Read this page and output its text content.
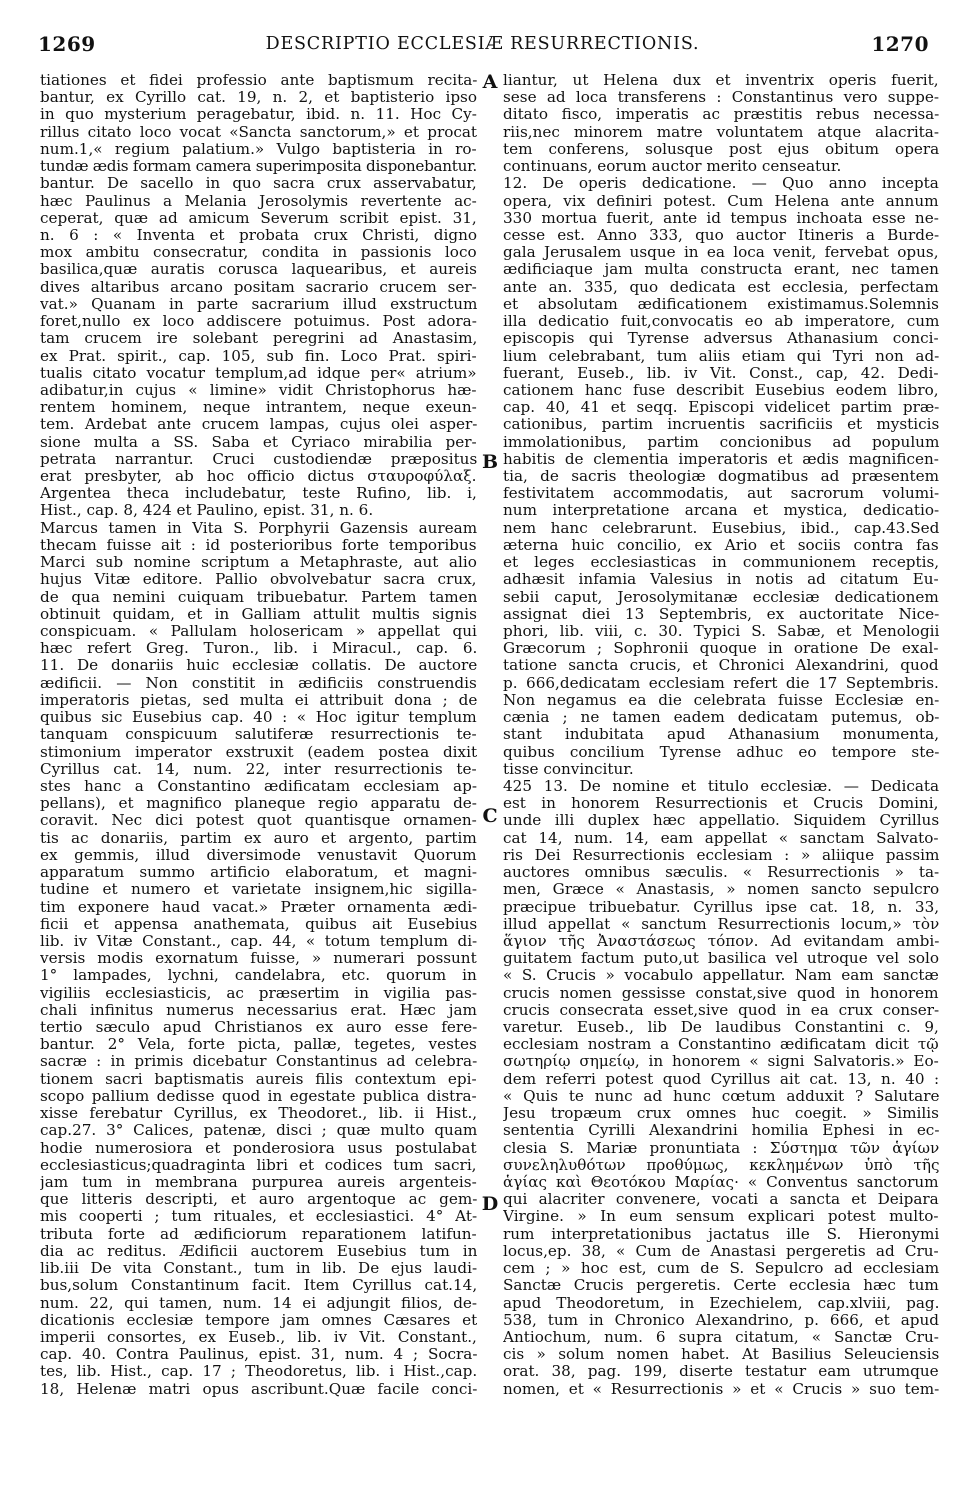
1269	DESCRIPTIO ECCLESIÆ RESURRECTIONIS.	1270
tiationes et fidei professio ante baptismum recita-
bantur, ex Cyrillo cat. 19, n. 2, et baptisterio ipso
in quo mysterium peragebatur, ibid. n. 11. Hoc Cy-
rillus citato loco vocat «Sancta sanctorum,» et procat
num.1,« regium palatium.» Vulgo baptisteria in ro-
tundæ ædis formam camera superimposita disponebantur.
bantur. De sacello in quo sacra crux asservabatur,
hæc Paulinus a Melania Jerosolymis revertente ac-
ceperat, quæ ad amicum Severum scribit epist. 31,
n. 6 : « Inventa et probata crux Christi, digno
mox ambitu consecratur, condita in passionis loco
basilica,quæ auratis corusca laquearibus, et aureis
dives altaribus arcano positam sacrario crucem ser-
vat.» Quanam in parte sacrarium illud exstructum
foret,nullo ex loco addiscere potuimus. Post adora-
tam crucem ire solebant peregrini ad Anastasim,
ex Prat. spirit., cap. 105, sub fin. Loco Prat. spiri-
tualis citato vocatur templum,ad idque per« atrium»
adibatur,in cujus « limine» vidit Christophorus hæ-
rentem hominem, neque intrantem, neque exeun-
tem. Ardebat ante crucem lampas, cujus olei asper-
sione multa a SS. Saba et Cyriaco mirabilia per-
petrata narrantur. Cruci custodiendæ præpositus
erat presbyter, ab hoc officio dictus σταυροφύλαξ.
Argentea theca includebatur, teste Rufino, lib. i,
Hist., cap. 8, 424 et Paulino, epist. 31, n. 6.
Marcus tamen in Vita S. Porphyrii Gazensis auream
thecam fuisse ait : id posterioribus forte temporibus
Marci sub nomine scriptum a Metaphraste, aut alio
hujus Vitæ editore. Pallio obvolvebatur sacra crux,
de qua nemini cuiquam tribuebatur. Partem tamen
obtinuit quidam, et in Galliam attulit multis signis
conspicuam. « Pallulam holosericam » appellat qui
hæc refert Greg. Turon., lib. i Miracul., cap. 6.
11. De donariis huic ecclesiæ collatis. De auctore
ædificii. — Non constitit in ædificiis construendis
imperatoris pietas, sed multa ei attribuit dona ; de
quibus sic Eusebius cap. 40 : « Hoc igitur templum
tanquam conspicuum salutiferæ resurrectionis te-
stimonium imperator exstruxit (eadem postea dixit
Cyrillus cat. 14, num. 22, inter resurrectionis te-
stes hanc a Constantino ædificatam ecclesiam ap-
pellans), et magnifico planeque regio apparatu de-
coravit. Nec dici potest quot quantisque ornamen-
tis ac donariis, partim ex auro et argento, partim
ex gemmis, illud diversimode venustavit Quorum
apparatum summo artificio elaboratum, et magni-
tudine et numero et varietate insignem,hic sigilla-
tim exponere haud vacat.» Præter ornamenta ædi-
ficii et appensa anathemata, quibus ait Eusebius
lib. iv Vitæ Constant., cap. 44, « totum templum di-
versis modis exornatum fuisse, » numerari possunt
1° lampades, lychni, candelabra, etc. quorum in
vigiliis ecclesiasticis, ac præsertim in vigilia pas-
chali infinitus numerus necessarius erat. Hæc jam
tertio sæculo apud Christianos ex auro esse fere-
bantur. 2° Vela, forte picta, pallæ, tegetes, vestes
sacræ : in primis dicebatur Constantinus ad celebra-
tionem sacri baptismatis aureis filis contextum epi-
scopo pallium dedisse quod in egestate publica distra-
xisse ferebatur Cyrillus, ex Theodoret., lib. ii Hist.,
cap.27. 3° Calices, patenæ, disci ; quæ multo quam
hodie numerosiora et ponderosiora usus postulabat
ecclesiasticus;quadraginta libri et codices tum sacri,
jam tum in membrana purpurea aureis argenteis-
que litteris descripti, et auro argentoque ac gem-
mis cooperti ; tum rituales, et ecclesiastici. 4° At-
tributa forte ad ædificiorum reparationem latifun-
dia ac reditus. Ædificii auctorem Eusebius tum in
lib.iii De vita Constant., tum in lib. De ejus laudi-
bus,solum Constantinum facit. Item Cyrillus cat.14,
num. 22, qui tamen, num. 14 ei adjungit filios, de-
dicationis ecclesiæ tempore jam omnes Cæsares et
imperii consortes, ex Euseb., lib. iv Vit. Constant.,
cap. 40. Contra Paulinus, epist. 31, num. 4 ; Socra-
tes, lib. Hist., cap. 17 ; Theodoretus, lib. i Hist.,cap.
18, Helenæ matri opus ascribunt.Quæ facile conci-
A
B
C
D
liantur, ut Helena dux et inventrix operis fuerit,
sese ad loca transferens : Constantinus vero suppe-
ditato fisco, imperatis ac præstitis rebus necessa-
riis,nec minorem matre voluntatem atque alacrita-
tem conferens, solusque post ejus obitum opera
continuans, eorum auctor merito censeatur.
12. De operis dedicatione. — Quo anno incepta
opera, vix definiri potest. Cum Helena ante annum
330 mortua fuerit, ante id tempus inchoata esse ne-
cesse est. Anno 333, quo auctor Itineris a Burde-
gala Jerusalem usque in ea loca venit, fervebat opus,
ædificiaque jam multa constructa erant, nec tamen
ante an. 335, quo dedicata est ecclesia, perfectam
et absolutam ædificationem existimamus.Solemnis
illa dedicatio fuit,convocatis eo ab imperatore, cum
episcopis qui Tyrense adversus Athanasium conci-
lium celebrabant, tum aliis etiam qui Tyri non ad-
fuerant, Euseb., lib. iv Vit. Const., cap, 42. Dedi-
cationem hanc fuse describit Eusebius eodem libro,
cap. 40, 41 et seqq. Episcopi videlicet partim præ-
cationibus, partim incruentis sacrificiis et mysticis
immolationibus, partim concionibus ad populum
habitis de clementia imperatoris et ædis magnificen-
tia, de sacris theologiæ dogmatibus ad præsentem
festivitatem accommodatis, aut sacrorum volumi-
num interpretatione arcana et mystica, dedicatio-
nem hanc celebrarunt. Eusebius, ibid., cap.43.Sed
æterna huic concilio, ex Ario et sociis contra fas
et leges ecclesiasticas in communionem receptis,
adhæsit infamia Valesius in notis ad citatum Eu-
sebii caput, Jerosolymitanæ ecclesiæ dedicationem
assignat diei 13 Septembris, ex auctoritate Nice-
phori, lib. viii, c. 30. Typici S. Sabæ, et Menologii
Græcorum ; Sophronii quoque in oratione De exal-
tatione sancta crucis, et Chronici Alexandrini, quod
p. 666,dedicatam ecclesiam refert die 17 Septembris.
Non negamus ea die celebrata fuisse Ecclesiæ en-
cænia ; ne tamen eadem dedicatam putemus, ob-
stant indubitata apud Athanasium monumenta,
quibus concilium Tyrense adhuc eo tempore ste-
tisse convincitur.
425 13. De nomine et titulo ecclesiæ. — Dedicata
est in honorem Resurrectionis et Crucis Domini,
unde illi duplex hæc appellatio. Siquidem Cyrillus
cat 14, num. 14, eam appellat « sanctam Salvato-
ris Dei Resurrectionis ecclesiam : » aliique passim
auctores omnibus sæculis. « Resurrectionis » ta-
men, Græce « Anastasis, » nomen sancto sepulcro
præcipue tribuebatur. Cyrillus ipse cat. 18, n. 33,
illud appellat « sanctum Resurrectionis locum,» τὸν
ἅγιον τῆς Ἀναστάσεως τόπον. Ad evitandam ambi-
guitatem factum puto,ut basilica vel utroque vel solo
« S. Crucis » vocabulo appellatur. Nam eam sanctæ
crucis nomen gessisse constat,sive quod in honorem
crucis consecrata esset,sive quod in ea crux conser-
varetur. Euseb., lib De laudibus Constantini c. 9,
ecclesiam nostram a Constantino ædificatam dicit τῷ
σωτηρίῳ σημείῳ, in honorem « signi Salvatoris.» Eo-
dem referri potest quod Cyrillus ait cat. 13, n. 40 :
« Quis te nunc ad hunc cœtum adduxit ? Salutare
Jesu tropæum crux omnes huc coegit. » Similis
sententia Cyrilli Alexandrini homilia Ephesi in ec-
clesia S. Mariæ pronuntiata : Σύστημα τῶν ἁγίων
συνεληλυθότων προθύμως, κεκλημένων ὑπὸ τῆς
ἁγίας καὶ Θεοτόκου Μαρίας· « Conventus sanctorum
qui alacriter convenere, vocati a sancta et Deipara
Virgine. » In eum sensum explicari potest multo-
rum interpretationibus jactatus ille S. Hieronymi
locus,ep. 38, « Cum de Anastasi pergeretis ad Cru-
cem ; » hoc est, cum de S. Sepulcro ad ecclesiam
Sanctæ Crucis pergeretis. Certe ecclesia hæc tum
apud Theodoretum, in Ezechielem, cap.xlviii, pag.
538, tum in Chronico Alexandrino, p. 666, et apud
Antiochum, num. 6 supra citatum, « Sanctæ Cru-
cis » solum nomen habet. At Basilius Seleuciensis
orat. 38, pag. 199, diserte testatur eam utrumque
nomen, et « Resurrectionis » et « Crucis » suo tem-
